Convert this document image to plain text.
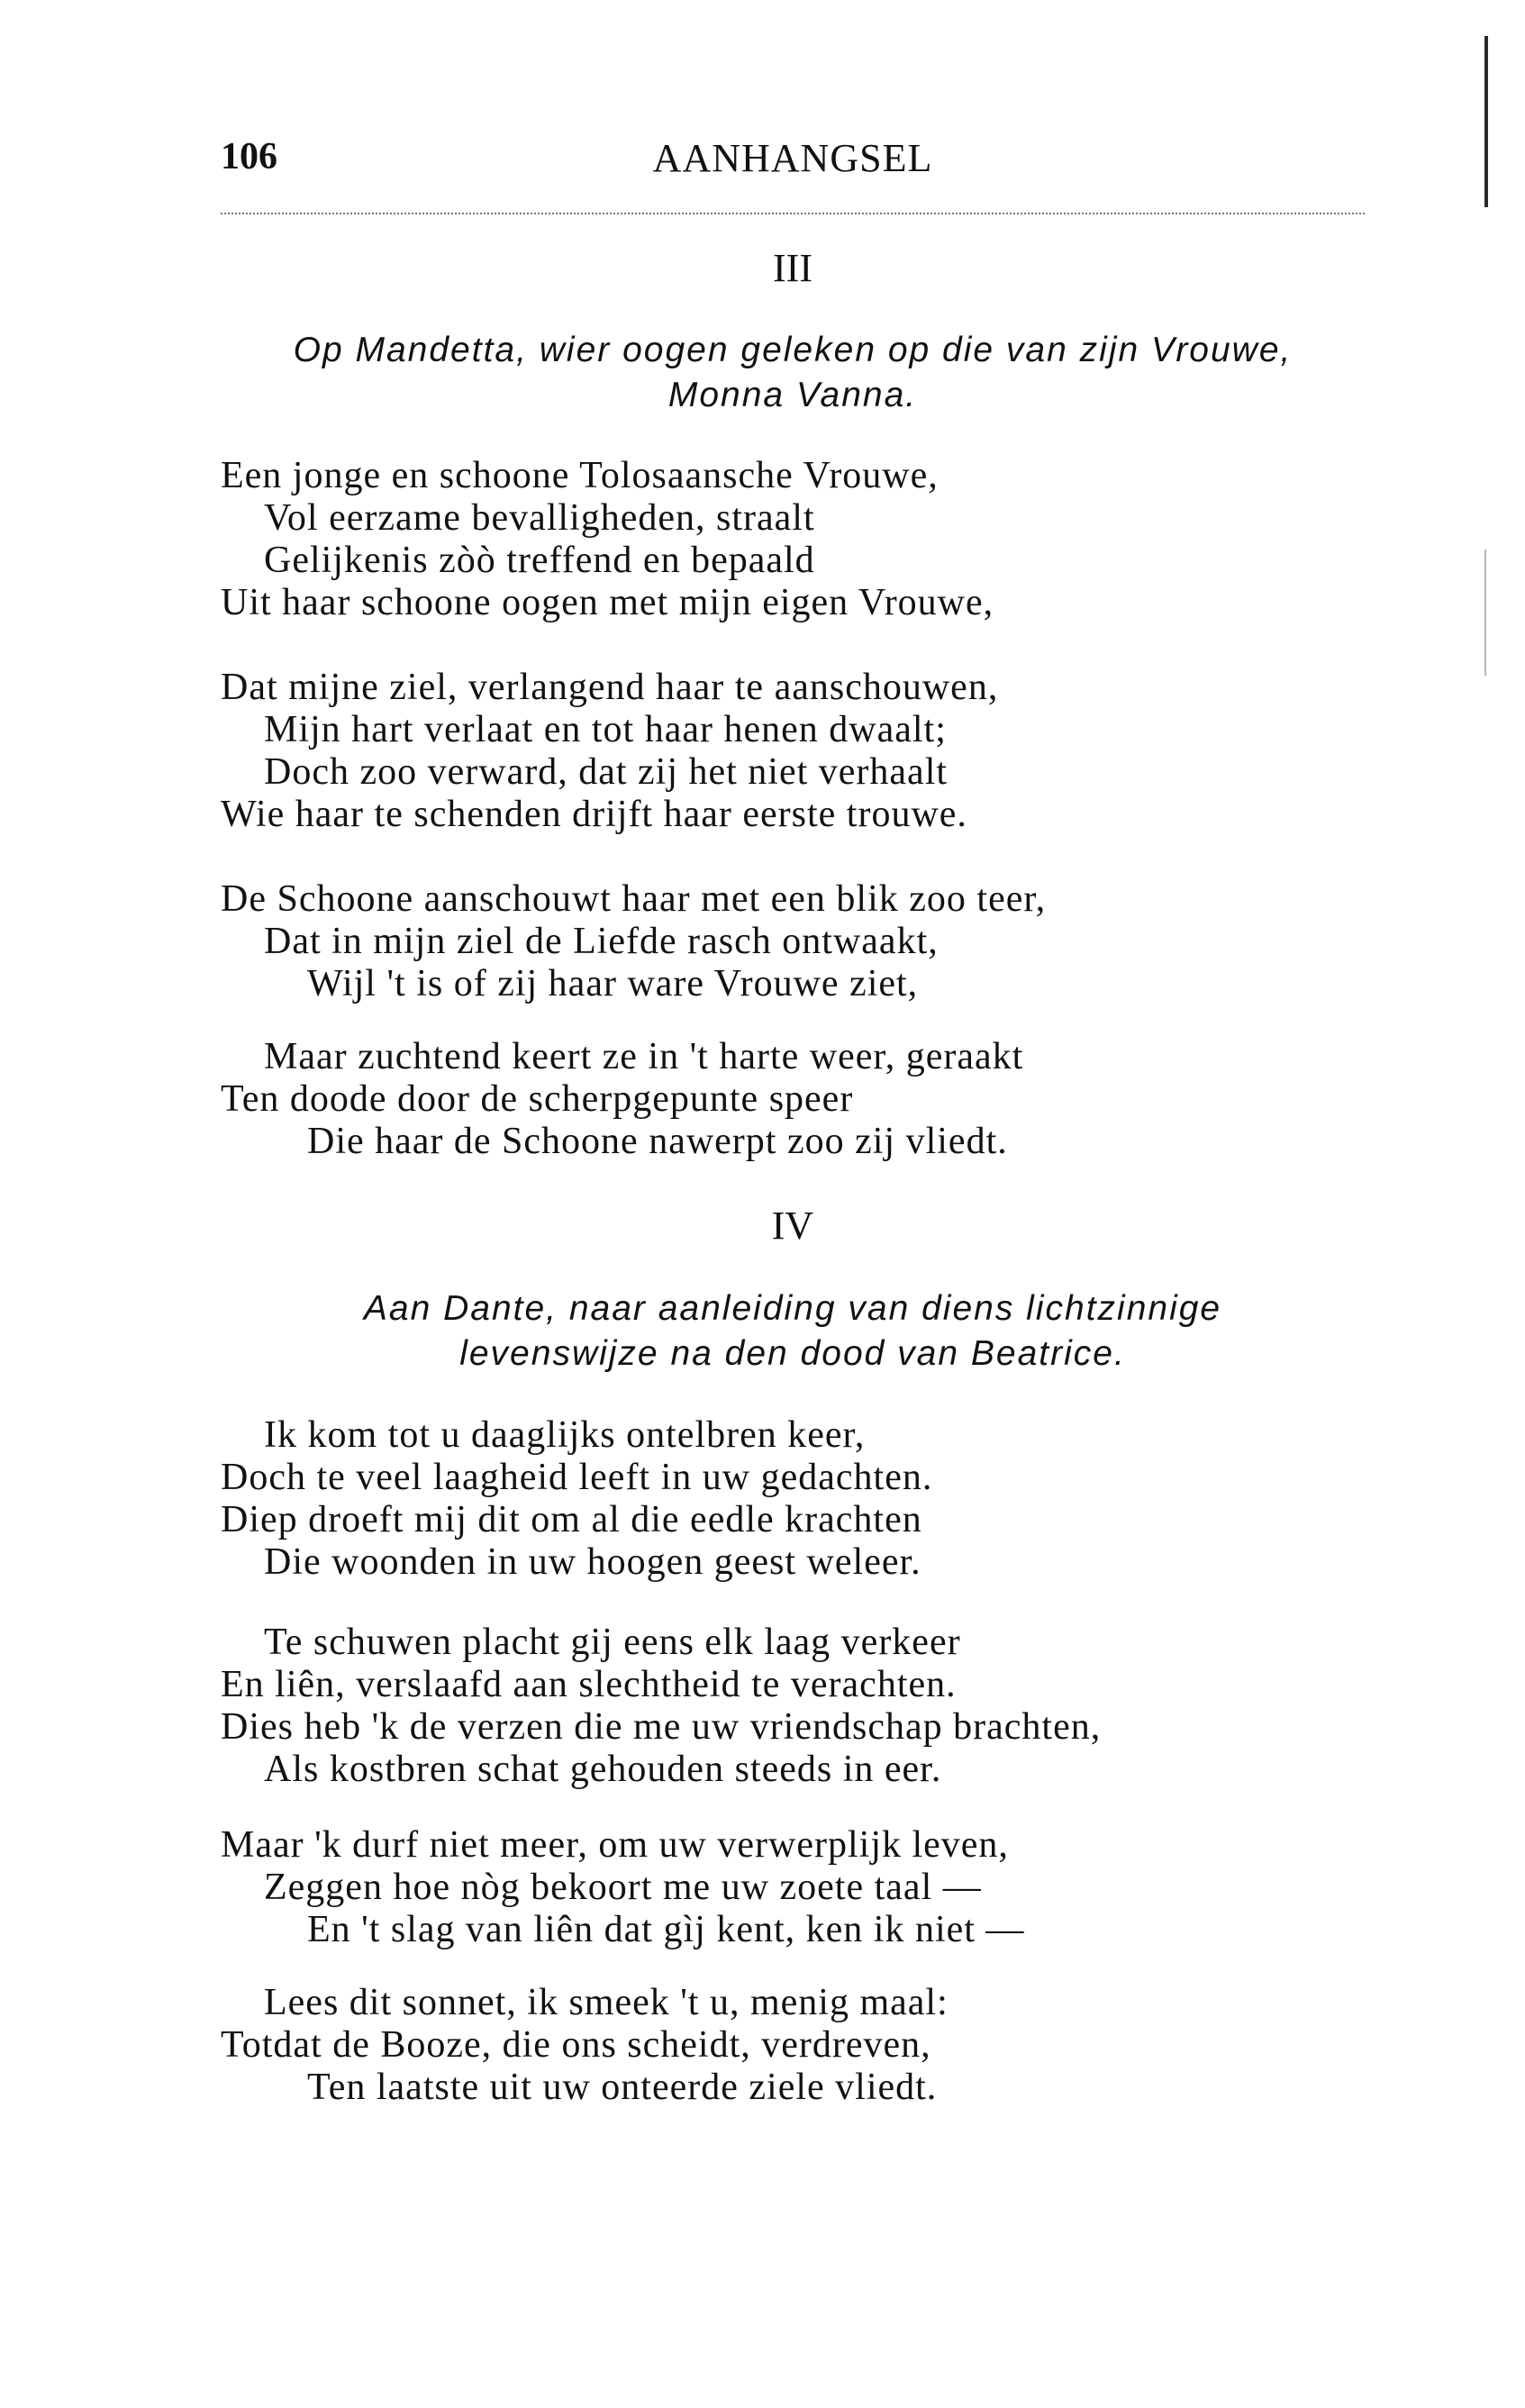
106	AANHANGSEL
III
Op Mandetta, wier oogen geleken op die van zijn Vrouwe,
Monna Vanna.
Een jonge en schoone Tolosaansche Vrouwe,
Vol eerzame bevalligheden, straalt
Gelijkenis zòò treffend en bepaald
Uit haar schoone oogen met mijn eigen Vrouwe,
Dat mijne ziel, verlangend haar te aanschouwen,
Mijn hart verlaat en tot haar henen dwaalt;
Doch zoo verward, dat zij het niet verhaalt
Wie haar te schenden drijft haar eerste trouwe.
De Schoone aanschouwt haar met een blik zoo teer,
Dat in mijn ziel de Liefde rasch ontwaakt,
Wijl 't is of zij haar ware Vrouwe ziet,
Maar zuchtend keert ze in 't harte weer, geraakt
Ten doode door de scherpgepunte speer
Die haar de Schoone nawerpt zoo zij vliedt.
IV
Aan Dante, naar aanleiding van diens lichtzinnige
levenswijze na den dood van Beatrice.
Ik kom tot u daaglijks ontelbren keer,
Doch te veel laagheid leeft in uw gedachten.
Diep droeft mij dit om al die eedle krachten
Die woonden in uw hoogen geest weleer.
Te schuwen placht gij eens elk laag verkeer
En liên, verslaafd aan slechtheid te verachten.
Dies heb 'k de verzen die me uw vriendschap brachten,
Als kostbren schat gehouden steeds in eer.
Maar 'k durf niet meer, om uw verwerplijk leven,
Zeggen hoe nòg bekoort me uw zoete taal —
En 't slag van liên dat gìj kent, ken ik niet —
Lees dit sonnet, ik smeek 't u, menig maal:
Totdat de Booze, die ons scheidt, verdreven,
Ten laatste uit uw onteerde ziele vliedt.
